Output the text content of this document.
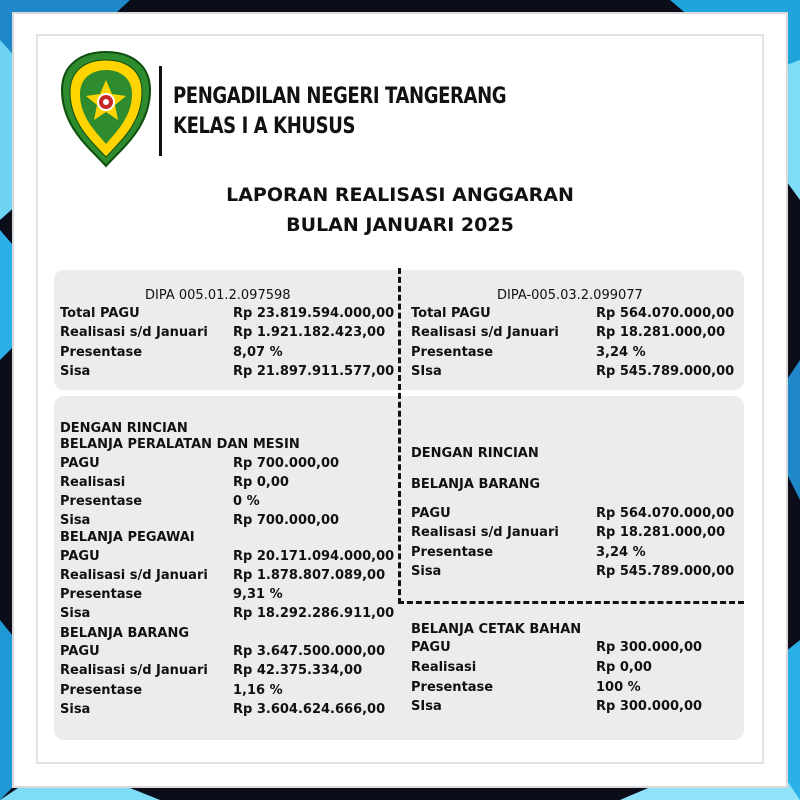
PENGADILAN NEGERI TANGERANG
KELAS I A KHUSUS
LAPORAN REALISASI ANGGARAN
BULAN JANUARI 2025
DIPA 005.01.2.097598
Total PAGU	Rp 23.819.594.000,00
Realisasi s/d Januari Rp 1.921.182.423,00
Presentase	8,07 %
Sisa	Rp 21.897.911.577,00
DIPA-005.03.2.099077
Total PAGU	Rp 564.070.000,00
Realisasi s/d Januari	Rp 18.281.000,00
Presentase	3,24 %
SIsa	Rp 545.789.000,00
DENGAN RINCIAN
BELANJA PERALATAN DAN MESIN
PAGU	Rp 700.000,00
Realisasi	Rp 0,00
Presentase	0 %
Sisa	Rp 700.000,00
BELANJA PEGAWAI
PAGU	Rp 20.171.094.000,00
Realisasi s/d Januari Rp 1.878.807.089,00
Presentase	9,31 %
Sisa	Rp 18.292.286.911,00
BELANJA BARANG
PAGU	Rp 3.647.500.000,00
Realisasi s/d Januari Rp 42.375.334,00
Presentase	1,16 %
Sisa	Rp 3.604.624.666,00
DENGAN RINCIAN
BELANJA BARANG
PAGU	Rp 564.070.000,00
Realisasi s/d Januari	Rp 18.281.000,00
Presentase	3,24 %
Sisa	Rp 545.789.000,00
BELANJA CETAK BAHAN
PAGU	Rp 300.000,00
Realisasi	Rp 0,00
Presentase	100 %
SIsa	Rp 300.000,00
